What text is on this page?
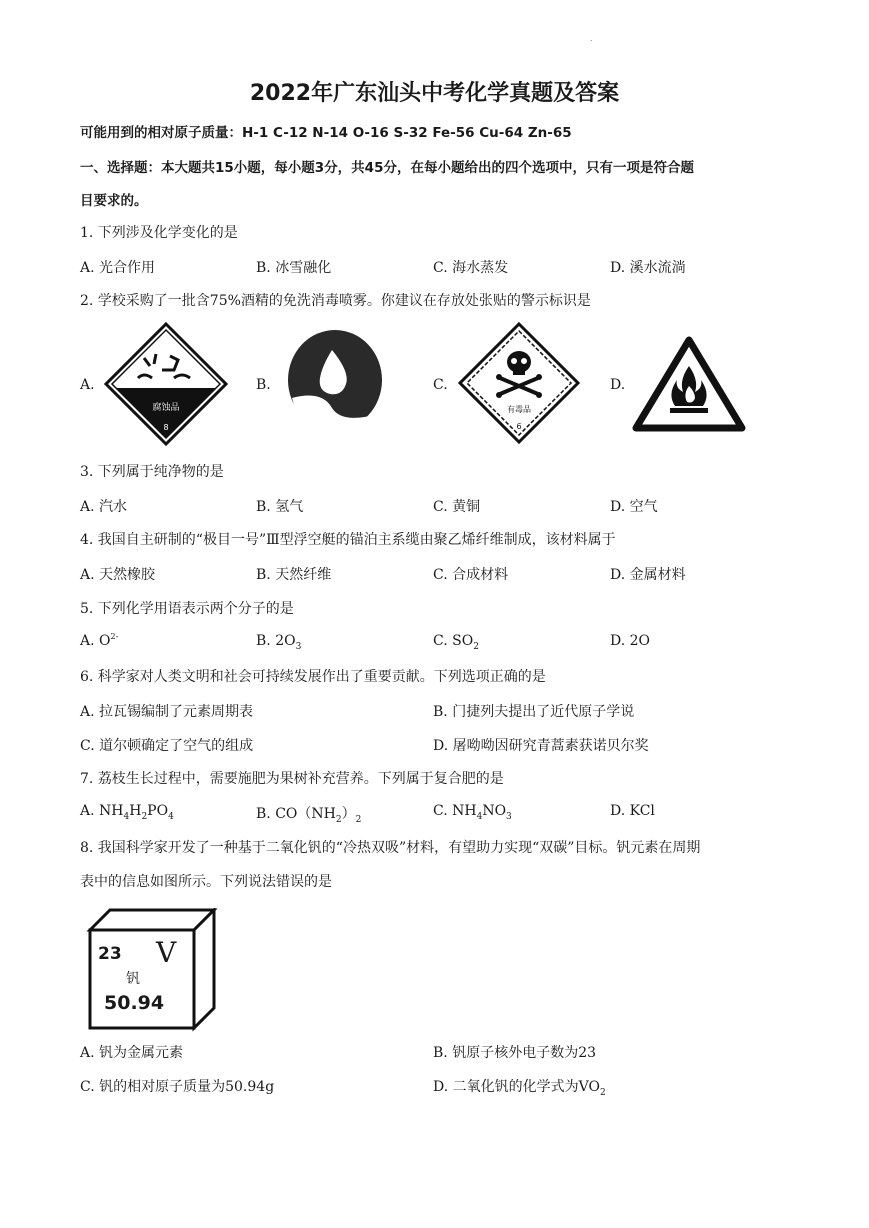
.
2022年广东汕头中考化学真题及答案
可能用到的相对原子质量：H-1 C-12 N-14 O-16 S-32 Fe-56 Cu-64 Zn-65
一、选择题：本大题共15小题，每小题3分，共45分，在每小题给出的四个选项中，只有一项是符合题
目要求的。
1. 下列涉及化学变化的是
A. 光合作用	B. 冰雪融化	C. 海水蒸发	D. 溪水流淌
2. 学校采购了一批含75%酒精的免洗消毒喷雾。你建议在存放处张贴的警示标识是
A.	B.	C.	D.
腐蚀品
8
有毒品
6
3. 下列属于纯净物的是
A. 汽水	B. 氢气	C. 黄铜	D. 空气
4. 我国自主研制的“极目一号”Ⅲ型浮空艇的锚泊主系缆由聚乙烯纤维制成，该材料属于
A. 天然橡胶	B. 天然纤维	C. 合成材料	D. 金属材料
5. 下列化学用语表示两个分子的是
A. $O^{2-}$	B. $2O_3$	C. $SO_2$	D. 2O
6. 科学家对人类文明和社会可持续发展作出了重要贡献。下列选项正确的是
A. 拉瓦锡编制了元素周期表	B. 门捷列夫提出了近代原子学说
C. 道尔顿确定了空气的组成	D. 屠呦呦因研究青蒿素获诺贝尔奖
7. 荔枝生长过程中，需要施肥为果树补充营养。下列属于复合肥的是
A. $NH_4H_2PO_4$	B. $CO(NH_2)_2$
C. $NH_4NO_3$	D. KCl
8. 我国科学家开发了一种基于二氧化钒的“冷热双吸”材料，有望助力实现“双碳”目标。钒元素在周期
表中的信息如图所示。下列说法错误的是
23 V
钒
50.94
A. 钒为金属元素	B. 钒原子核外电子数为23
C. 钒的相对原子质量为50.94g	D. 二氧化钒的化学式为$VO_2$
